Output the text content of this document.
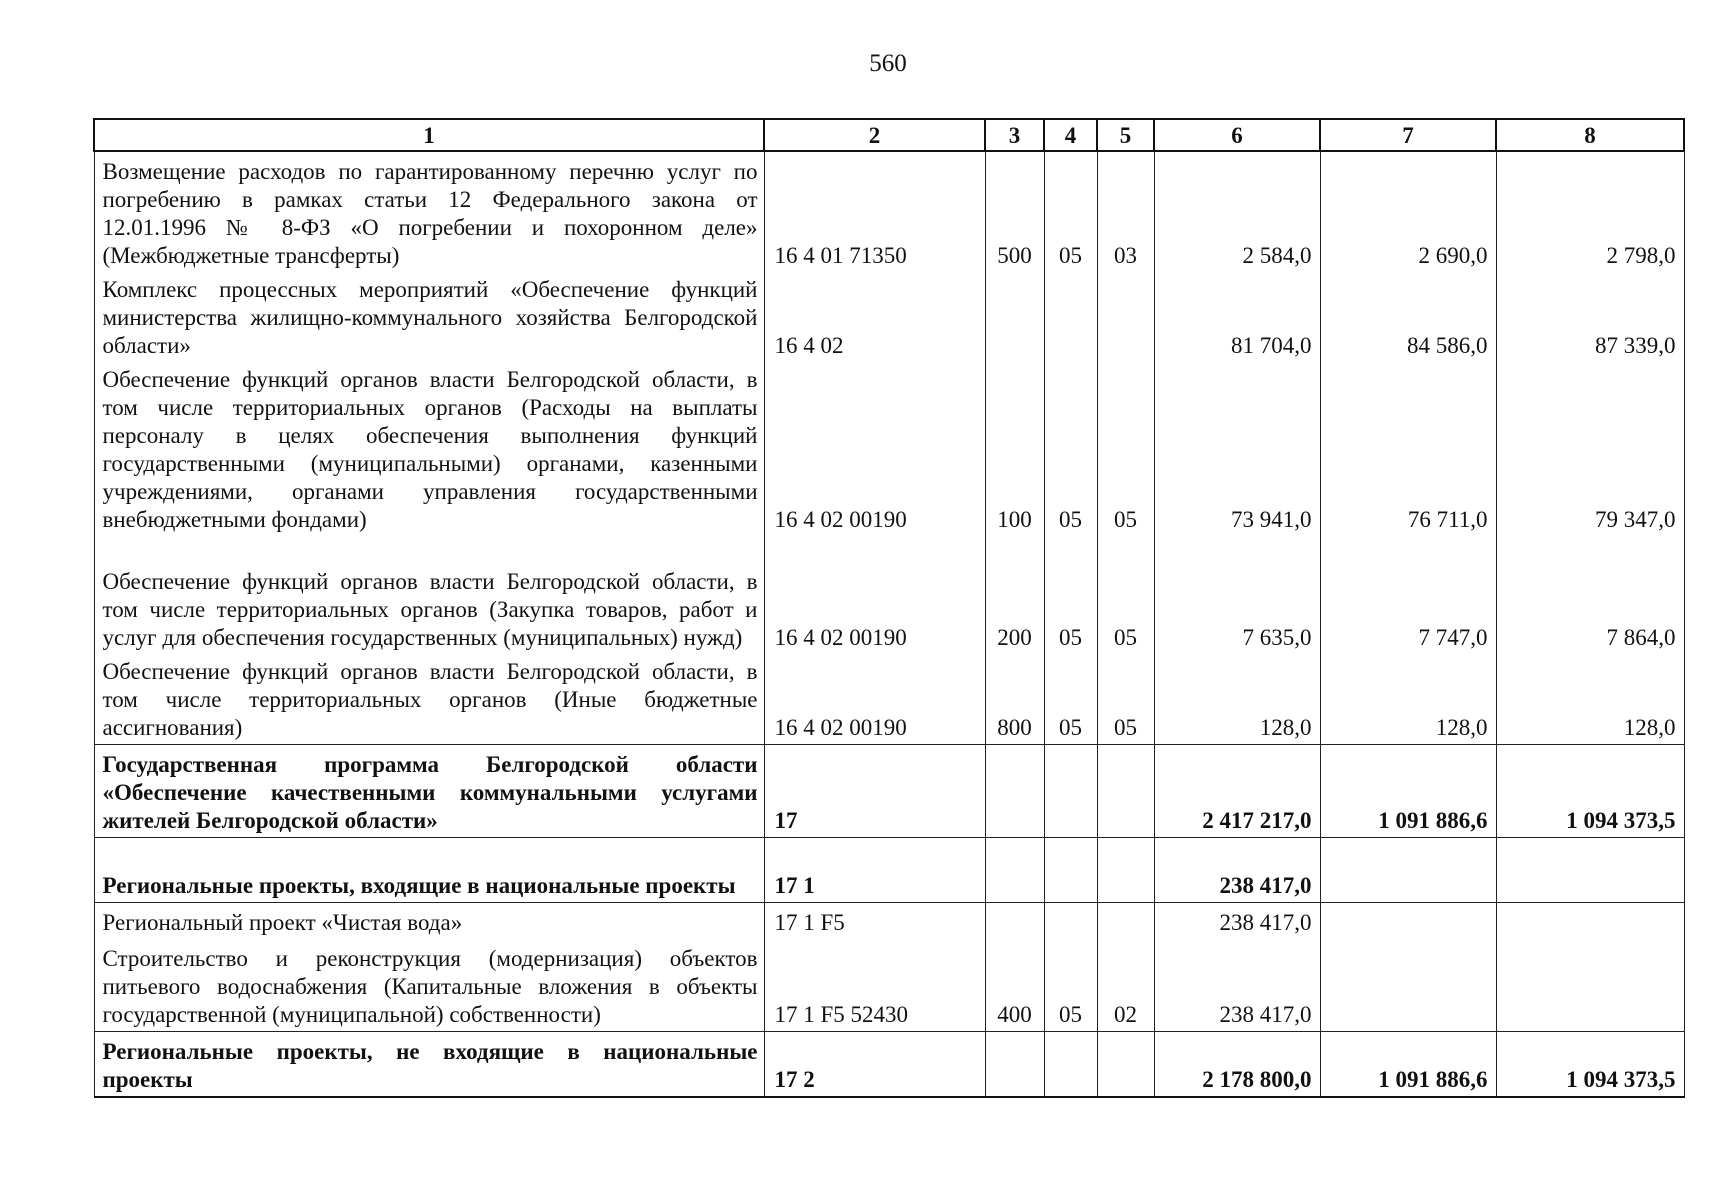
560
1	2	3	4	5	6	7	8
Возмещение расходов по гарантированному перечню услуг по погребению в рамках статьи 12 Федерального закона от 12.01.1996 № 8-ФЗ «О погребении и похоронном деле» (Межбюджетные трансферты)	16 4 01 71350	500	05	03	2 584,0	2 690,0	2 798,0
Комплекс процессных мероприятий «Обеспечение функций министерства жилищно-коммунального хозяйства Белгородской области»	16 4 02				81 704,0	84 586,0	87 339,0
Обеспечение функций органов власти Белгородской области, в том числе территориальных органов (Расходы на выплаты персоналу в целях обеспечения выполнения функций государственными (муниципальными) органами, казенными учреждениями, органами управления государственными внебюджетными фондами)	16 4 02 00190	100	05	05	73 941,0	76 711,0	79 347,0
Обеспечение функций органов власти Белгородской области, в том числе территориальных органов (Закупка товаров, работ и услуг для обеспечения государственных (муниципальных) нужд)	16 4 02 00190	200	05	05	7 635,0	7 747,0	7 864,0
Обеспечение функций органов власти Белгородской области, в том числе территориальных органов (Иные бюджетные ассигнования)	16 4 02 00190	800	05	05	128,0	128,0	128,0
Государственная программа Белгородской области «Обеспечение качественными коммунальными услугами жителей Белгородской области»	17				2 417 217,0	1 091 886,6	1 094 373,5
Региональные проекты, входящие в национальные проекты	17 1				238 417,0		
Региональный проект «Чистая вода»	17 1 F5				238 417,0		
Строительство и реконструкция (модернизация) объектов питьевого водоснабжения (Капитальные вложения в объекты государственной (муниципальной) собственности)	17 1 F5 52430	400	05	02	238 417,0		
Региональные проекты, не входящие в национальные проекты	17 2				2 178 800,0	1 091 886,6	1 094 373,5
